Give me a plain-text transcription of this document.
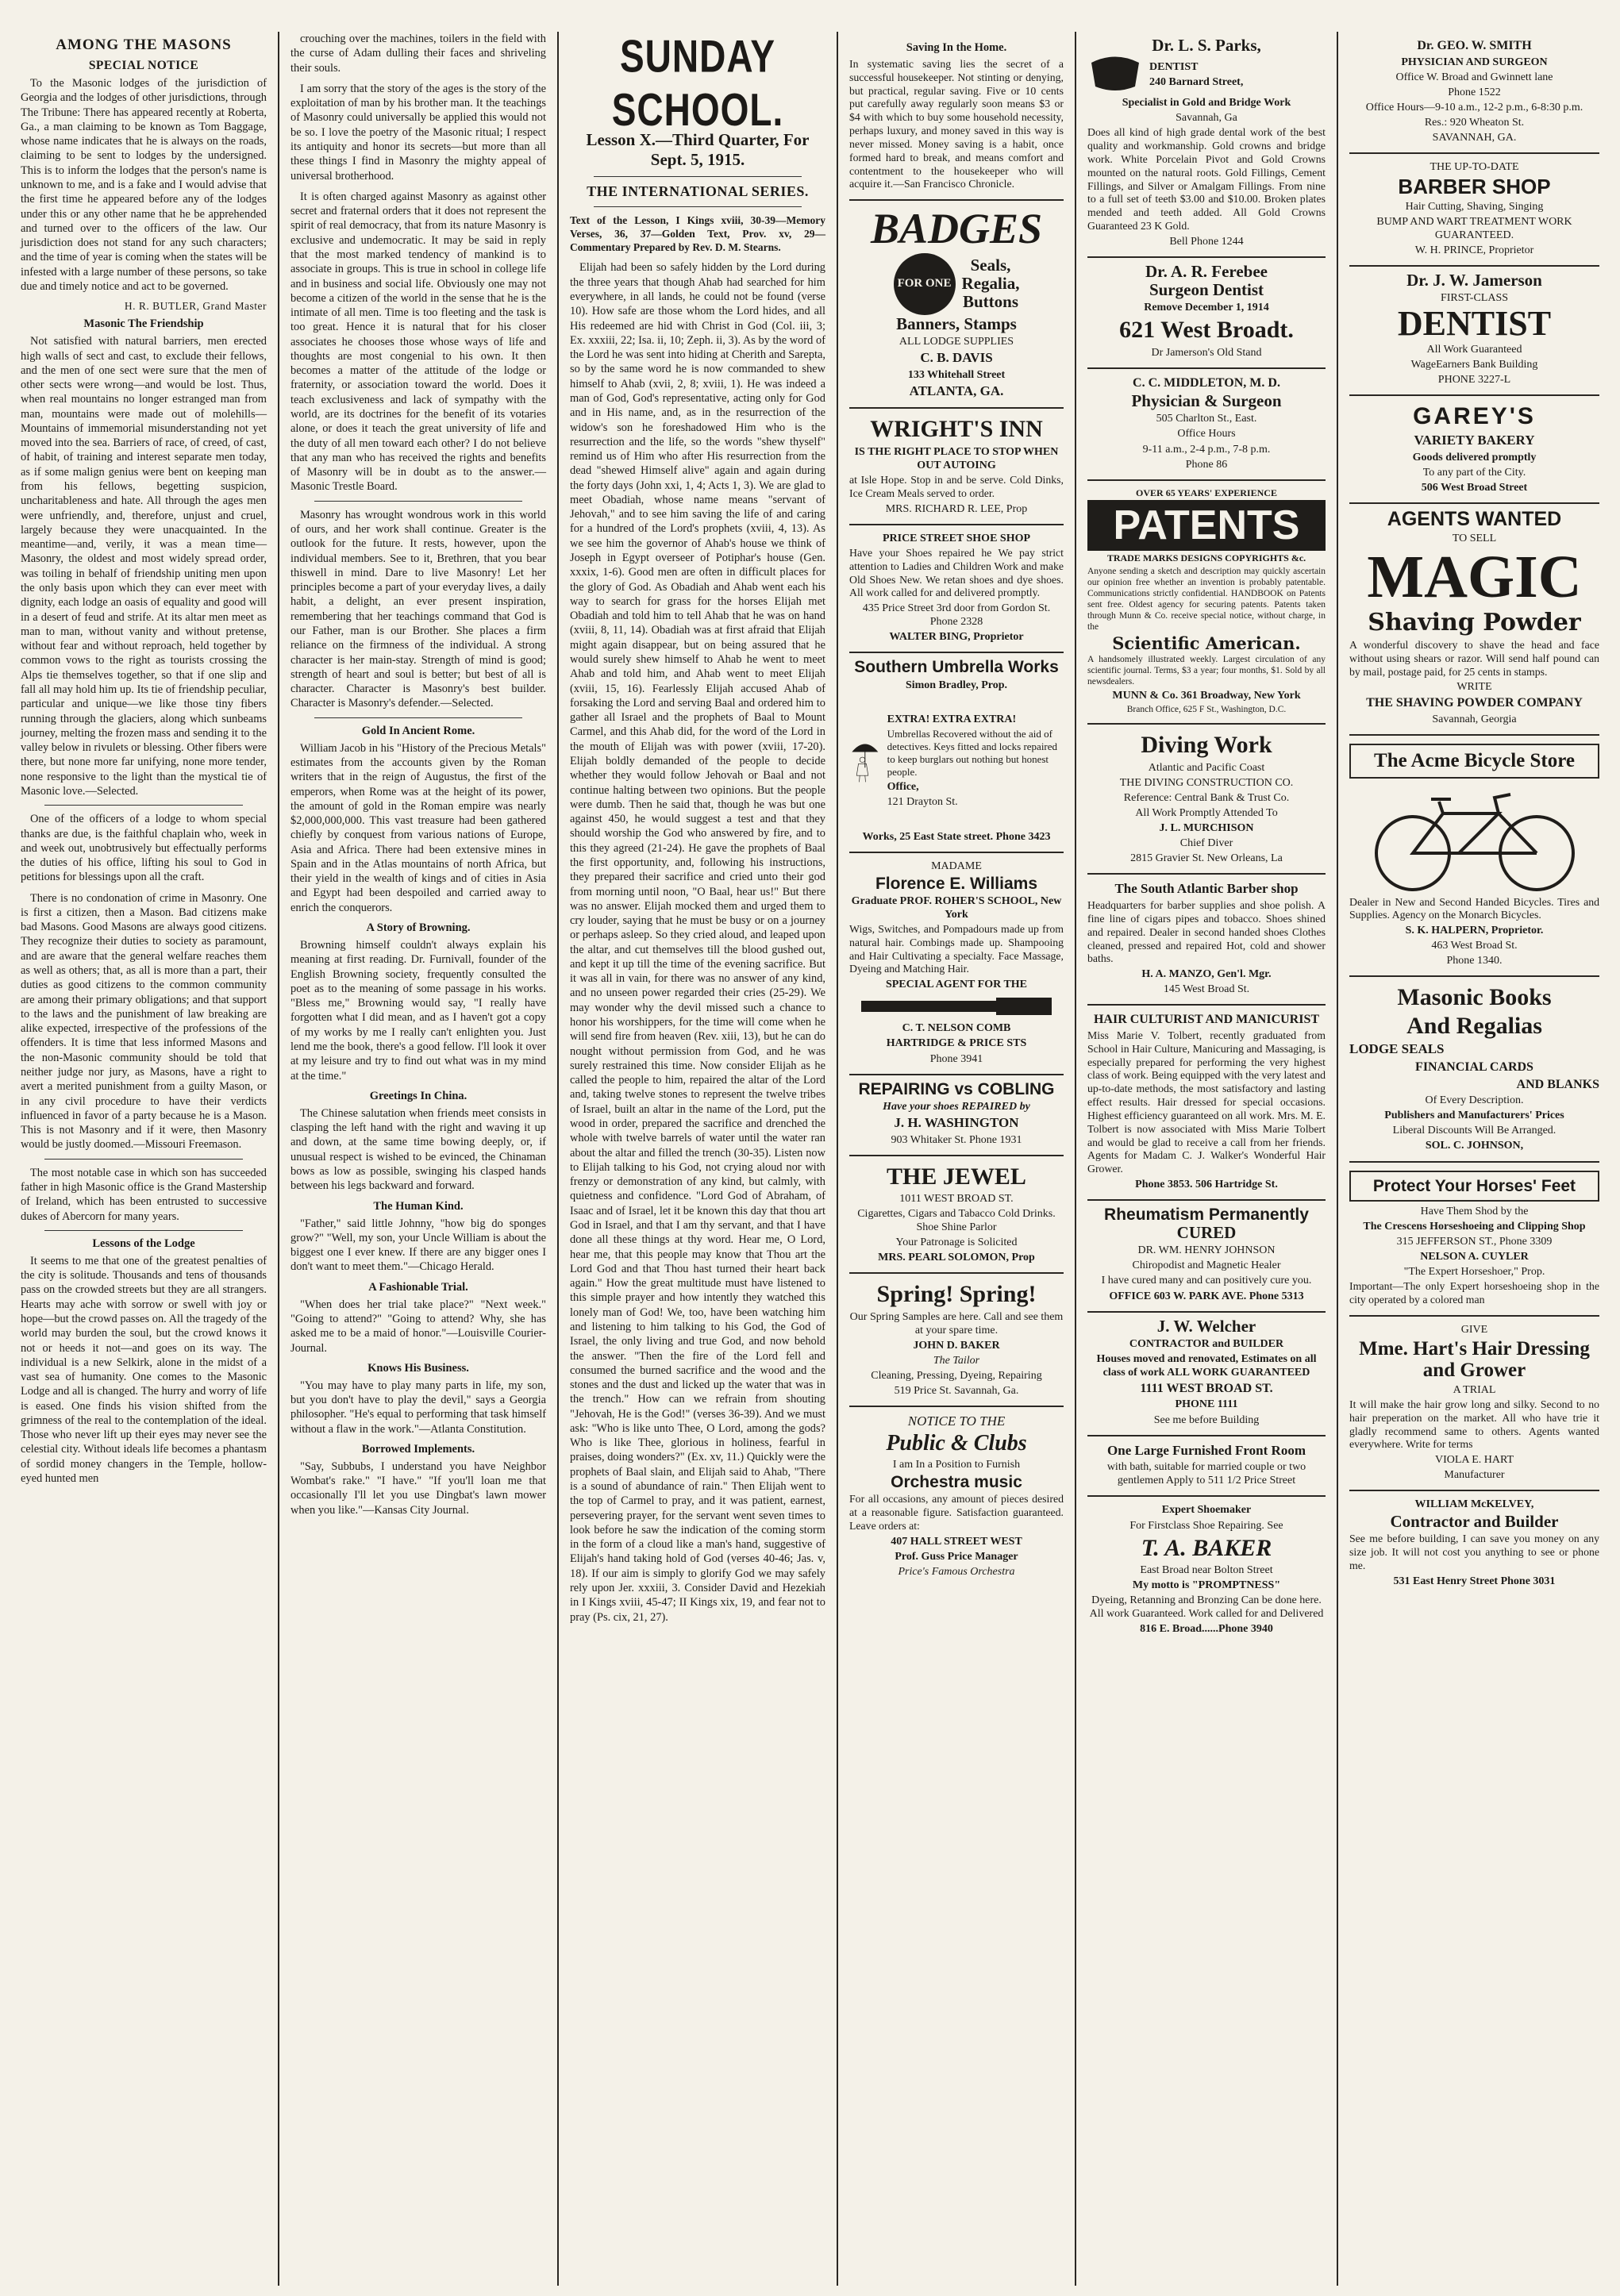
AMONG THE MASONS
SPECIAL NOTICE

To the Masonic lodges of the jurisdiction of Georgia and the lodges of other jurisdictions, through The Tribune: There has appeared recently at Roberta, Ga., a man claiming to be known as Tom Baggage, whose name indicates that he is always on the roads, claiming to be sent to lodges by the undersigned. This is to inform the lodges that the person's name is unknown to me, and is a fake and I would advise that the first time he appeared before any of the lodges under this or any other name that he be apprehended and turned over to the officers of the law. Our jurisdiction does not stand for any such characters; and the time of year is coming when the states will be infested with a large number of these persons, so take due and timely notice and act to be governed.

H. R. BUTLER, Grand Master

Masonic The Friendship

Not satisfied with natural barriers, men erected high walls of sect and cast, to exclude their fellows, and the men of one sect were sure that the men of other sects were wrong—and would be lost. Thus, when real mountains no longer estranged man from man, mountains were made out of molehills—Mountains of immemorial misunderstanding not yet moved into the sea. Barriers of race, of creed, of cast, of habit, of training and interest separate men today, as if some malign genius were bent on keeping man from his fellows, begetting suspicion, uncharitableness and hate. All through the ages men were unfriendly, and, therefore, unjust and cruel, largely because they were unacquainted. In the meantime—and, verily, it was a mean time—Masonry, the oldest and most widely spread order, was toiling in behalf of friendship uniting men upon the only basis upon which they can ever meet with dignity, each lodge an oasis of equality and good will in a desert of feud and strife. At its altar men meet as man to man, without vanity and without pretense, without fear and without reproach, held together by common vows to the right as tourists crossing the Alps tie themselves together, so that if one slip and fall all may hold him up. Its tie of friendship peculiar, particular and unique—we like those tiny fibers running through the glaciers, along which sunbeams journey, melting the frozen mass and sending it to the valley below in rivulets or blessing. Other fibers were there, but none more far unifying, none more tender, none responsive to the light than the mystical tie of Masonic love.—Selected.

One of the officers of a lodge to whom special thanks are due, is the faithful chaplain who, week in and week out, unobtrusively but effectually performs the duties of his office, lifting his soul to God in petitions for blessings upon all the craft.

There is no condonation of crime in Masonry. One is first a citizen, then a Mason. Bad citizens make bad Masons. Good Masons are always good citizens. They recognize their duties to society as paramount, and are aware that the general welfare reaches them as well as others; that, as all is more than a part, their duties as good citizens to the common community are among their primary obligations; and that support to the laws and the punishment of law breaking are alike expected, irrespective of the professions of the offenders. It is time that less informed Masons and the non-Masonic community should be told that neither judge nor jury, as Masons, have a right to avert a merited punishment from a guilty Mason, or in any civil procedure to have their verdicts influenced in favor of a party because he is a Mason. This is not Masonry and if it were, then Masonry would be justly doomed.—Missouri Freemason.

The most notable case in which son has succeeded father in high Masonic office is the Grand Mastership of Ireland, which has been entrusted to successive dukes of Abercorn for many years.

Lessons of the Lodge

It seems to me that one of the greatest penalties of the city is solitude. Thousands and tens of thousands pass on the crowded streets but they are all strangers. Hearts may ache with sorrow or swell with joy or hope—but the crowd passes on. All the tragedy of the world may burden the soul, but the crowd knows it not or heeds it not—and goes on its way. The individual is a new Selkirk, alone in the midst of a vast sea of humanity. One comes to the Masonic Lodge and all is changed. The hurry and worry of life is eased. One finds his vision shifted from the grimness of the real to the contemplation of the ideal. Those who never lift up their eyes may never see the celestial city. Without ideals life becomes a phantasm of sordid money changers in the Temple, hollow-eyed hunted men

crouching over the machines, toilers in the field with the curse of Adam dulling their faces and shriveling their souls.

I am sorry that the story of the ages is the story of the exploitation of man by his brother man. It the teachings of Masonry could universally be applied this would not be so. I love the poetry of the Masonic ritual; I respect its antiquity and honor its secrets—but more than all these things I find in Masonry the mighty appeal of universal brotherhood.

It is often charged against Masonry as against other secret and fraternal orders that it does not represent the spirit of real democracy, that from its nature Masonry is exclusive and undemocratic. It may be said in reply that the most marked tendency of mankind is to associate in groups. This is true in school in college life and in business and social life. Obviously one may not become a citizen of the world in the sense that he is the intimate of all men. Time is too fleeting and the task is too great. Hence it is natural that for his closer associates he chooses those whose ways of life and thoughts are most congenial to his own. It then becomes a matter of the attitude of the lodge or fraternity, or association toward the world. Does it teach exclusiveness and lack of sympathy with the world, are its doctrines for the benefit of its votaries alone, or does it teach the great university of life and the duty of all men toward each other? I do not believe that any man who has received the rights and benefits of Masonry will be in doubt as to the answer.—Masonic Trestle Board.

Masonry has wrought wondrous work in this world of ours, and her work shall continue. Greater is the outlook for the future. It rests, however, upon the individual members. See to it, Brethren, that you bear thiswell in mind. Dare to live Masonry! Let her principles become a part of your everyday lives, a daily habit, a delight, an ever present inspiration, remembering that her teachings command that God is our Father, man is our Brother. She places a firm reliance on the firmness of the individual. A strong character is her main-stay. Strength of mind is good; strength of heart and soul is better; but best of all is character. Character is Masonry's best builder. Character is Masonry's defender.—Selected.

Gold In Ancient Rome.

William Jacob in his "History of the Precious Metals" estimates from the accounts given by the Roman writers that in the reign of Augustus, the first of the emperors, when Rome was at the height of its power, the amount of gold in the Roman empire was nearly $2,000,000,000. This vast treasure had been gathered chiefly by conquest from various nations of Europe, Asia and Africa. There had been extensive mines in Spain and in the Atlas mountains of north Africa, but their yield in the wealth of kings and of cities in Asia and Egypt had been despoiled and carried away to enrich the conquerors.

A Story of Browning.

Browning himself couldn't always explain his meaning at first reading. Dr. Furnivall, founder of the English Browning society, frequently consulted the poet as to the meaning of some passage in his works. "Bless me," Browning would say, "I really have forgotten what I did mean, and as I haven't got a copy of my works by me I really can't enlighten you. Just lend me the book, there's a good fellow. I'll look it over at my leisure and try to find out what was in my mind at the time."

Greetings In China.

The Chinese salutation when friends meet consists in clasping the left hand with the right and waving it up and down, at the same time bowing deeply, or, if unusual respect is wished to be evinced, the Chinaman bows as low as possible, swinging his clasped hands between his legs backward and forward.

The Human Kind.

"Father," said little Johnny, "how big do sponges grow?" "Well, my son, your Uncle William is about the biggest one I ever knew. If there are any bigger ones I don't want to meet them."—Chicago Herald.

A Fashionable Trial.

"When does her trial take place?" "Next week." "Going to attend?" "Going to attend? Why, she has asked me to be a maid of honor."—Louisville Courier-Journal.

Knows His Business.

"You may have to play many parts in life, my son, but you don't have to play the devil," says a Georgia philosopher. "He's equal to performing that task himself without a flaw in the work."—Atlanta Constitution.

Borrowed Implements.

"Say, Subbubs, I understand you have Neighbor Wombat's rake." "I have." "If you'll loan me that occasionally I'll let you use Dingbat's lawn mower when you like."—Kansas City Journal.

SUNDAY SCHOOL.
Lesson X.—Third Quarter, For Sept. 5, 1915.
THE INTERNATIONAL SERIES.

Text of the Lesson, I Kings xviii, 30-39—Memory Verses, 36, 37—Golden Text, Prov. xv, 29—Commentary Prepared by Rev. D. M. Stearns.

Elijah had been so safely hidden by the Lord during the three years that though Ahab had searched for him everywhere, in all lands, he could not be found (verse 10). How safe are those whom the Lord hides, and all His redeemed are hid with Christ in God (Col. iii, 3; Ex. xxxiii, 22; Isa. ii, 10; Zeph. ii, 3). As by the word of the Lord he was sent into hiding at Cherith and Sarepta, so by the same word he is now commanded to shew himself to Ahab (xvii, 2, 8; xviii, 1). He was indeed a man of God, God's representative, acting only for God and in His name, and, as in the resurrection of the widow's son he foreshadowed Him who is the resurrection and the life, so the words "shew thyself" remind us of Him who after His resurrection from the dead "shewed Himself alive" again and again during the forty days (John xxi, 1, 4; Acts 1, 3). We are glad to meet Obadiah, whose name means "servant of Jehovah," and to see him saving the life of and caring for a hundred of the Lord's prophets (xviii, 4, 13). As we see him the governor of Ahab's house we think of Joseph in Egypt overseer of Potiphar's house (Gen. xxxix, 1-6). Good men are often in difficult places for the glory of God. As Obadiah and Ahab went each his way to search for grass for the horses Elijah met Obadiah and told him to tell Ahab that he was on hand (xviii, 8, 11, 14). Obadiah was at first afraid that Elijah might again disappear, but on being assured that he would surely shew himself to Ahab he went to meet Ahab and told him, and Ahab went to meet Elijah (xviii, 15, 16). Fearlessly Elijah accused Ahab of forsaking the Lord and serving Baal and ordered him to gather all Israel and the prophets of Baal to Mount Carmel, and this Ahab did, for the word of the Lord in the mouth of Elijah was with power (xviii, 17-20). Elijah boldly demanded of the people to decide whether they would follow Jehovah or Baal and not continue halting between two opinions. But the people were dumb. Then he said that, though he was but one against 450, he would suggest a test and that they should worship the God who answered by fire, and to this they agreed (21-24). He gave the prophets of Baal the first opportunity, and, following his instructions, they prepared their sacrifice and cried unto their god from morning until noon, "O Baal, hear us!" But there was no answer. Elijah mocked them and urged them to cry louder, saying that he must be busy or on a journey or perhaps asleep. So they cried aloud, and leaped upon the altar, and cut themselves till the blood gushed out, and kept it up till the time of the evening sacrifice. But it was all in vain, for there was no answer of any kind, and no unseen power regarded their cries (25-29). We may wonder why the devil missed such a chance to honor his worshippers, for the time will come when he will send fire from heaven (Rev. xiii, 13), but he can do nought without permission from God, and he was surely restrained this time. Now consider Elijah as he called the people to him, repaired the altar of the Lord and, taking twelve stones to represent the twelve tribes of Israel, built an altar in the name of the Lord, put the wood in order, prepared the sacrifice and drenched the whole with twelve barrels of water until the water ran about the altar and filled the trench (30-35). Listen now to Elijah talking to his God, not crying aloud nor with frenzy or demonstration of any kind, but calmly, with quietness and confidence. "Lord God of Abraham, of Isaac and of Israel, let it be known this day that thou art God in Israel, and that I am thy servant, and that I have done all these things at thy word. Hear me, O Lord, hear me, that this people may know that Thou art the Lord God and that Thou hast turned their heart back again." How the great multitude must have listened to this simple prayer and how intently they watched this lonely man of God! We, too, have been watching him and listening to him talking to his God, the God of Israel, the only living and true God, and now behold the answer. "Then the fire of the Lord fell and consumed the burned sacrifice and the wood and the stones and the dust and licked up the water that was in the trench." How can we refrain from shouting "Jehovah, He is the God!" (verses 36-39). And we must ask: "Who is like unto Thee, O Lord, among the gods? Who is like Thee, glorious in holiness, fearful in praises, doing wonders?" (Ex. xv, 11.) Quickly were the prophets of Baal slain, and Elijah said to Ahab, "There is a sound of abundance of rain." Then Elijah went to the top of Carmel to pray, and it was patient, earnest, persevering prayer, for the servant went seven times to look before he saw the indication of the coming storm in the form of a cloud like a man's hand, suggestive of Elijah's hand taking hold of God (verses 40-46; Jas. v, 18). If our aim is simply to glorify God we may safely rely upon Jer. xxxiii, 3. Consider David and Hezekiah in I Kings xviii, 45-47; II Kings xix, 19, and fear not to pray (Ps. cix, 21, 27).

Saving In the Home.

In systematic saving lies the secret of a successful housekeeper. Not stinting or denying, but practical, regular saving. Five or 10 cents put carefully away regularly soon means $3 or $4 with which to buy some household necessity, perhaps luxury, and money saved in this way is never missed. Money saving is a habit, once formed hard to break, and means comfort and contentment to the housekeeper who will acquire it.—San Francisco Chronicle.

BADGES
FOR ONE
Seals,
Regalia,
Buttons
Banners, Stamps

ALL LODGE SUPPLIES

C. B. DAVIS

133 Whitehall Street

ATLANTA, GA.

WRIGHT'S INN

IS THE RIGHT PLACE TO STOP WHEN OUT AUTOING

at Isle Hope. Stop in and be serve. Cold Dinks, Ice Cream Meals served to order.

MRS. RICHARD R. LEE, Prop

PRICE STREET SHOE SHOP

Have your Shoes repaired he We pay strict attention to Ladies and Children Work and make Old Shoes New. We retan shoes and dye shoes. All work called for and delivered promptly.

435 Price Street 3rd door from Gordon St. Phone 2328

WALTER BING, Proprietor

Southern Umbrella Works

Simon Bradley, Prop.

EXTRA! EXTRA EXTRA!

Umbrellas Recovered without the aid of detectives. Keys fitted and locks repaired to keep burglars out nothing but honest people.

Office,

121 Drayton St.

Works, 25 East State street. Phone 3423

MADAME

Florence E. Williams

Graduate PROF. ROHER'S SCHOOL, New York

Wigs, Switches, and Pompadours made up from natural hair. Combings made up. Shampooing and Hair Cultivating a specialty. Face Massage, Dyeing and Matching Hair.

SPECIAL AGENT FOR THE

C. T. NELSON COMB

HARTRIDGE & PRICE STS

Phone 3941

REPAIRING vs COBLING

Have your shoes REPAIRED by

J. H. WASHINGTON

903 Whitaker St. Phone 1931

THE JEWEL

1011 WEST BROAD ST.

Cigarettes, Cigars and Tabacco Cold Drinks. Shoe Shine Parlor

Your Patronage is Solicited

MRS. PEARL SOLOMON, Prop

Spring! Spring!

Our Spring Samples are here. Call and see them at your spare time.

JOHN D. BAKER

The Tailor

Cleaning, Pressing, Dyeing, Repairing

519 Price St. Savannah, Ga.

NOTICE TO THE

Public & Clubs

I am In a Position to Furnish

Orchestra music

For all occasions, any amount of pieces desired at a reasonable figure. Satisfaction guaranteed. Leave orders at:

407 HALL STREET WEST

Prof. Guss Price Manager

Price's Famous Orchestra

Dr. L. S. Parks,

DENTIST

240 Barnard Street,

Specialist in Gold and Bridge Work

Savannah, Ga

Does all kind of high grade dental work of the best quality and workmanship. Gold crowns and bridge work. White Porcelain Pivot and Gold Crowns mounted on the natural roots. Gold Fillings, Cement Fillings, and Silver or Amalgam Fillings. From nine to a full set of teeth $3.00 and $10.00. Broken plates mended and teeth added. All Gold Crowns Guaranteed 23 K Gold.

Bell Phone 1244

Dr. A. R. Ferebee
Surgeon Dentist

Remove December 1, 1914

621 West Broadt.

Dr Jamerson's Old Stand

C. C. MIDDLETON, M. D.

Physician & Surgeon

505 Charlton St., East.

Office Hours

9-11 a.m., 2-4 p.m., 7-8 p.m.

Phone 86

OVER 65 YEARS' EXPERIENCE

PATENTS

TRADE MARKS DESIGNS COPYRIGHTS &c.

Anyone sending a sketch and description may quickly ascertain our opinion free whether an invention is probably patentable. Communications strictly confidential. HANDBOOK on Patents sent free. Oldest agency for securing patents. Patents taken through Munn & Co. receive special notice, without charge, in the

Scientific American.

A handsomely illustrated weekly. Largest circulation of any scientific journal. Terms, $3 a year; four months, $1. Sold by all newsdealers.

MUNN & Co. 361 Broadway, New York

Branch Office, 625 F St., Washington, D.C.

Diving Work

Atlantic and Pacific Coast

THE DIVING CONSTRUCTION CO.

Reference: Central Bank & Trust Co.

All Work Promptly Attended To

J. L. MURCHISON

Chief Diver

2815 Gravier St. New Orleans, La

The South Atlantic Barber shop

Headquarters for barber supplies and shoe polish. A fine line of cigars pipes and tobacco. Shoes shined and repaired. Dealer in second handed shoes Clothes cleaned, pressed and repaired Hot, cold and shower baths.

H. A. MANZO, Gen'l. Mgr.

145 West Broad St.

HAIR CULTURIST AND MANICURIST

Miss Marie V. Tolbert, recently graduated from School in Hair Culture, Manicuring and Massaging, is especially prepared for performing the very highest class of work. Being equipped with the very latest and up-to-date methods, the most satisfactory and lasting effect results. Hair dressed for special occasions. Highest efficiency guaranteed on all work. Mrs. M. E. Tolbert is now associated with Miss Marie Tolbert and would be glad to receive a call from her friends. Agents for Madam C. J. Walker's Wonderful Hair Grower.

Phone 3853. 506 Hartridge St.

Rheumatism Permanently
CURED

DR. WM. HENRY JOHNSON

Chiropodist and Magnetic Healer

I have cured many and can positively cure you.

OFFICE 603 W. PARK AVE. Phone 5313

J. W. Welcher

CONTRACTOR and BUILDER

Houses moved and renovated, Estimates on all class of work ALL WORK GUARANTEED

1111 WEST BROAD ST.

PHONE 1111

See me before Building

One Large Furnished Front Room

with bath, suitable for married couple or two gentlemen Apply to 511 1/2 Price Street

Expert Shoemaker

For Firstclass Shoe Repairing. See

T. A. BAKER

East Broad near Bolton Street

My motto is "PROMPTNESS"

Dyeing, Retanning and Bronzing Can be done here. All work Guaranteed. Work called for and Delivered

816 E. Broad......Phone 3940

Dr. GEO. W. SMITH

PHYSICIAN AND SURGEON

Office W. Broad and Gwinnett lane

Phone 1522

Office Hours—9-10 a.m., 12-2 p.m., 6-8:30 p.m.

Res.: 920 Wheaton St.

SAVANNAH, GA.

THE UP-TO-DATE

BARBER SHOP

Hair Cutting, Shaving, Singing

BUMP AND WART TREATMENT WORK GUARANTEED.

W. H. PRINCE, Proprietor

Dr. J. W. Jamerson

FIRST-CLASS

DENTIST

All Work Guaranteed

WageEarners Bank Building

PHONE 3227-L

GAREY'S

VARIETY BAKERY

Goods delivered promptly

To any part of the City.

506 West Broad Street

AGENTS WANTED

TO SELL

MAGIC
Shaving Powder

A wonderful discovery to shave the head and face without using shears or razor. Will send half pound can by mail, postage paid, for 25 cents in stamps.

WRITE

THE SHAVING POWDER COMPANY

Savannah, Georgia

The Acme Bicycle Store

Dealer in New and Second Handed Bicycles. Tires and Supplies. Agency on the Monarch Bicycles.

S. K. HALPERN, Proprietor.

463 West Broad St.

Phone 1340.

Masonic Books
And Regalias

LODGE SEALS

FINANCIAL CARDS

AND BLANKS

Of Every Description.

Publishers and Manufacturers' Prices

Liberal Discounts Will Be Arranged.

SOL. C. JOHNSON,

Protect Your Horses' Feet

Have Them Shod by the

The Crescens Horseshoeing and Clipping Shop

315 JEFFERSON ST., Phone 3309

NELSON A. CUYLER

"The Expert Horseshoer," Prop.

Important—The only Expert horseshoeing shop in the city operated by a colored man

GIVE

Mme. Hart's Hair Dressing and Grower

A TRIAL

It will make the hair grow long and silky. Second to no hair preperation on the market. All who have trie it gladly recommend same to others. Agents wanted everywhere. Write for terms

VIOLA E. HART

Manufacturer

WILLIAM McKELVEY,

Contractor and Builder

See me before building, I can save you money on any size job. It will not cost you anything to see or phone me.

531 East Henry Street Phone 3031
